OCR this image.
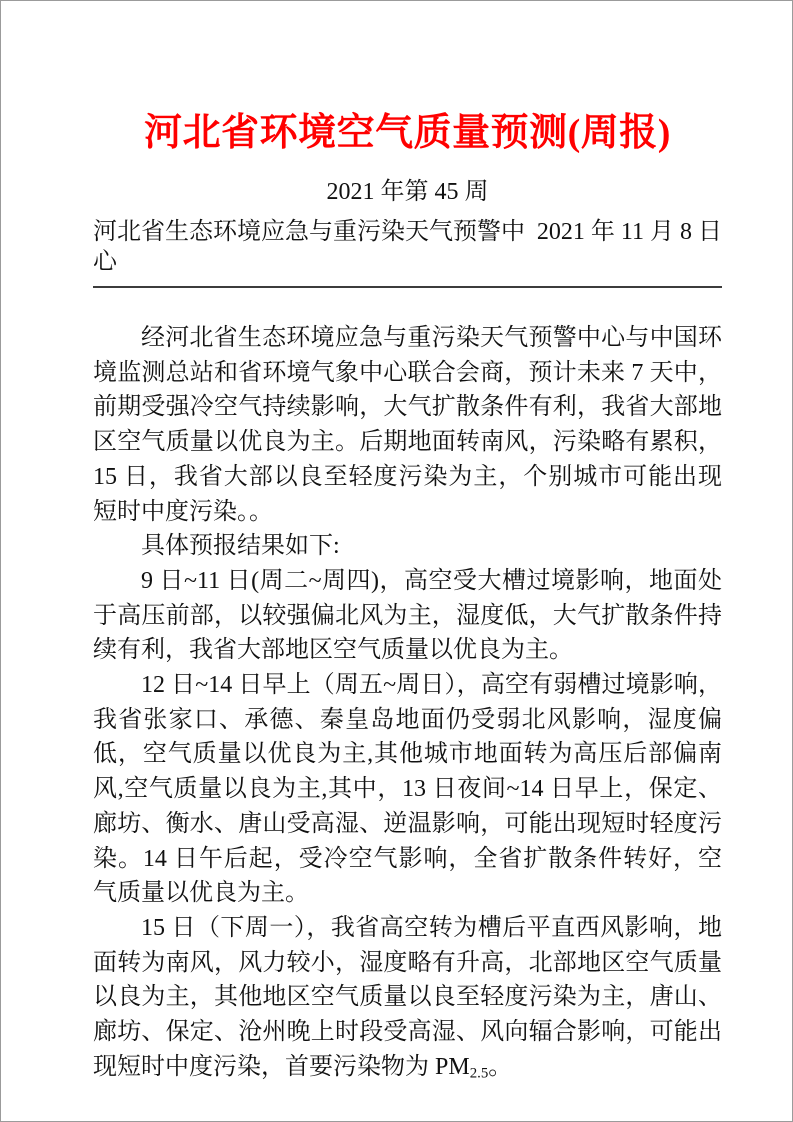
河北省环境空气质量预测(周报)
2021 年第 45 周
河北省生态环境应急与重污染天气预警中心
2021 年 11 月 8 日

经河北省生态环境应急与重污染天气预警中心与中国环境监测总站和省环境气象中心联合会商，预计未来 7 天中，前期受强冷空气持续影响，大气扩散条件有利，我省大部地区空气质量以优良为主。后期地面转南风，污染略有累积，15 日，我省大部以良至轻度污染为主，个别城市可能出现短时中度污染。。

具体预报结果如下:

9 日~11 日(周二~周四)，高空受大槽过境影响，地面处于高压前部，以较强偏北风为主，湿度低，大气扩散条件持续有利，我省大部地区空气质量以优良为主。

12 日~14 日早上（周五~周日），高空有弱槽过境影响，我省张家口、承德、秦皇岛地面仍受弱北风影响，湿度偏低，空气质量以优良为主,其他城市地面转为高压后部偏南风,空气质量以良为主,其中，13 日夜间~14 日早上，保定、廊坊、衡水、唐山受高湿、逆温影响，可能出现短时轻度污染。14 日午后起，受冷空气影响，全省扩散条件转好，空气质量以优良为主。

15 日（下周一），我省高空转为槽后平直西风影响，地面转为南风，风力较小，湿度略有升高，北部地区空气质量以良为主，其他地区空气质量以良至轻度污染为主，唐山、廊坊、保定、沧州晚上时段受高湿、风向辐合影响，可能出现短时中度污染，首要污染物为 $PM_{2.5}$。
